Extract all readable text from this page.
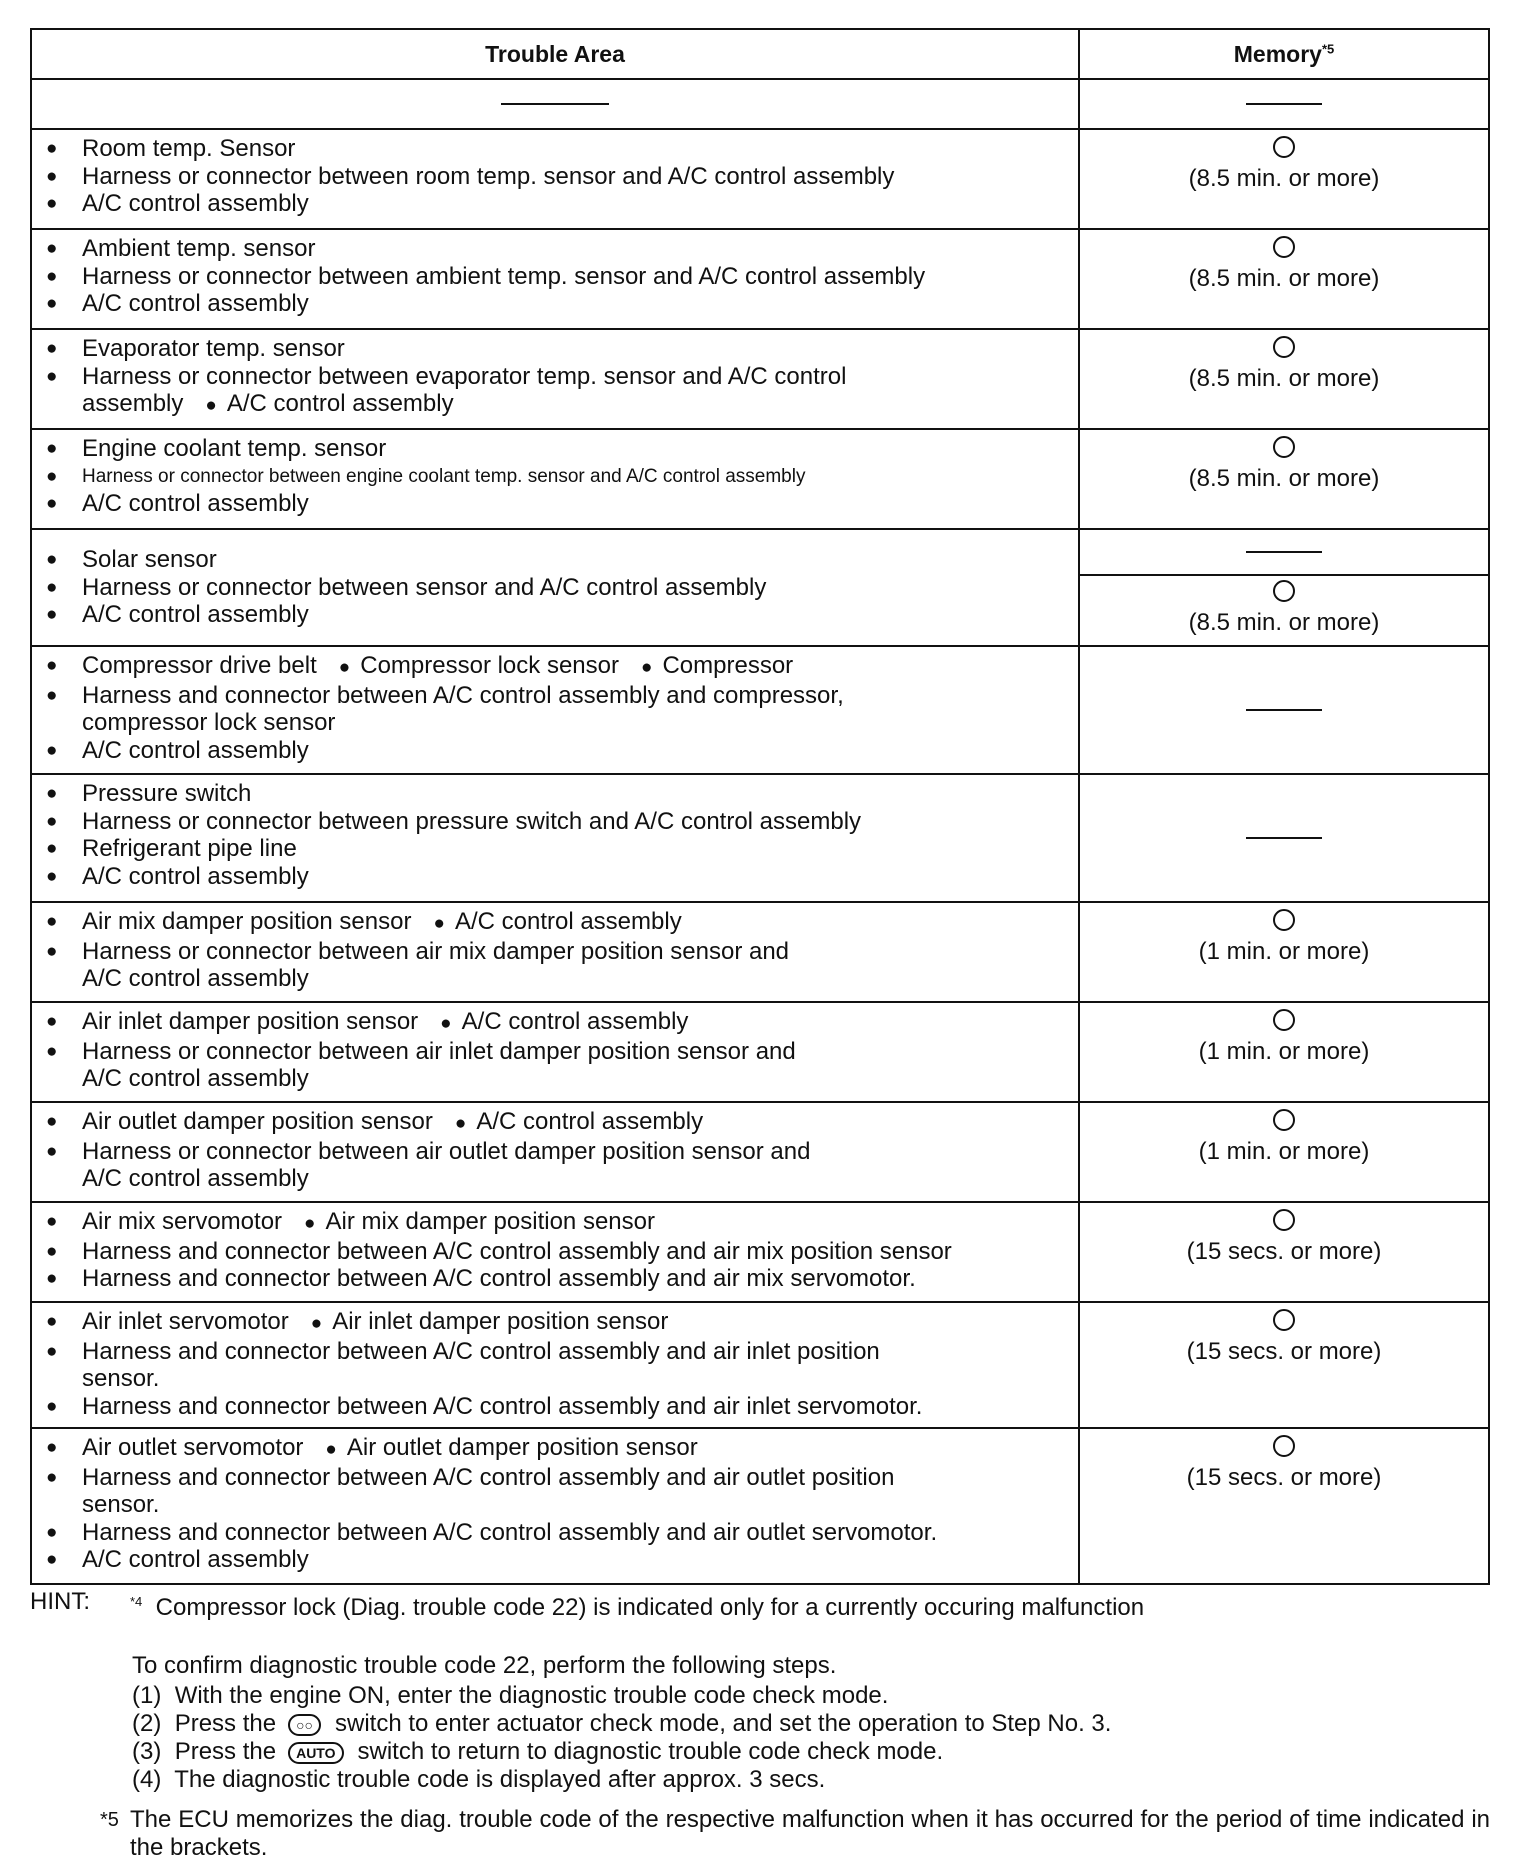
Trouble Area	Memory$^{*5}$

● Room temp. Sensor
● Harness or connector between room temp. sensor and A/C control assembly
● A/C control assembly	(8.5 min. or more)

● Ambient temp. sensor
● Harness or connector between ambient temp. sensor and A/C control assembly
● A/C control assembly	(8.5 min. or more)

● Evaporator temp. sensor
● Harness or connector between evaporator temp. sensor and A/C control
assembly ● A/C control assembly	(8.5 min. or more)

● Engine coolant temp. sensor
● Harness or connector between engine coolant temp. sensor and A/C control assembly
● A/C control assembly	(8.5 min. or more)

● Solar sensor
● Harness or connector between sensor and A/C control assembly
● A/C control assembly	(8.5 min. or more)

● Compressor drive belt ● Compressor lock sensor ● Compressor
● Harness and connector between A/C control assembly and compressor,
compressor lock sensor
● A/C control assembly

● Pressure switch
● Harness or connector between pressure switch and A/C control assembly
● Refrigerant pipe line
● A/C control assembly

● Air mix damper position sensor ● A/C control assembly
● Harness or connector between air mix damper position sensor and
A/C control assembly	(1 min. or more)

● Air inlet damper position sensor ● A/C control assembly
● Harness or connector between air inlet damper position sensor and
A/C control assembly	(1 min. or more)

● Air outlet damper position sensor ● A/C control assembly
● Harness or connector between air outlet damper position sensor and
A/C control assembly	(1 min. or more)

● Air mix servomotor ● Air mix damper position sensor
● Harness and connector between A/C control assembly and air mix position sensor
● Harness and connector between A/C control assembly and air mix servomotor.	(15 secs. or more)

● Air inlet servomotor ● Air inlet damper position sensor
● Harness and connector between A/C control assembly and air inlet position
sensor.
● Harness and connector between A/C control assembly and air inlet servomotor.	(15 secs. or more)

● Air outlet servomotor ● Air outlet damper position sensor
● Harness and connector between A/C control assembly and air outlet position
sensor.
● Harness and connector between A/C control assembly and air outlet servomotor.
● A/C control assembly	(15 secs. or more)
HINT:	$^{*4}$ Compressor lock (Diag. trouble code 22) is indicated only for a currently occuring malfunction
To confirm diagnostic trouble code 22, perform the following steps.
(1) With the engine ON, enter the diagnostic trouble code check mode.
(2) Press the ○○ switch to enter actuator check mode, and set the operation to Step No. 3.
(3) Press the AUTO switch to return to diagnostic trouble code check mode.
(4) The diagnostic trouble code is displayed after approx. 3 secs.
*5 The ECU memorizes the diag. trouble code of the respective malfunction when it has occurred for the period of time indicated in the brackets.
